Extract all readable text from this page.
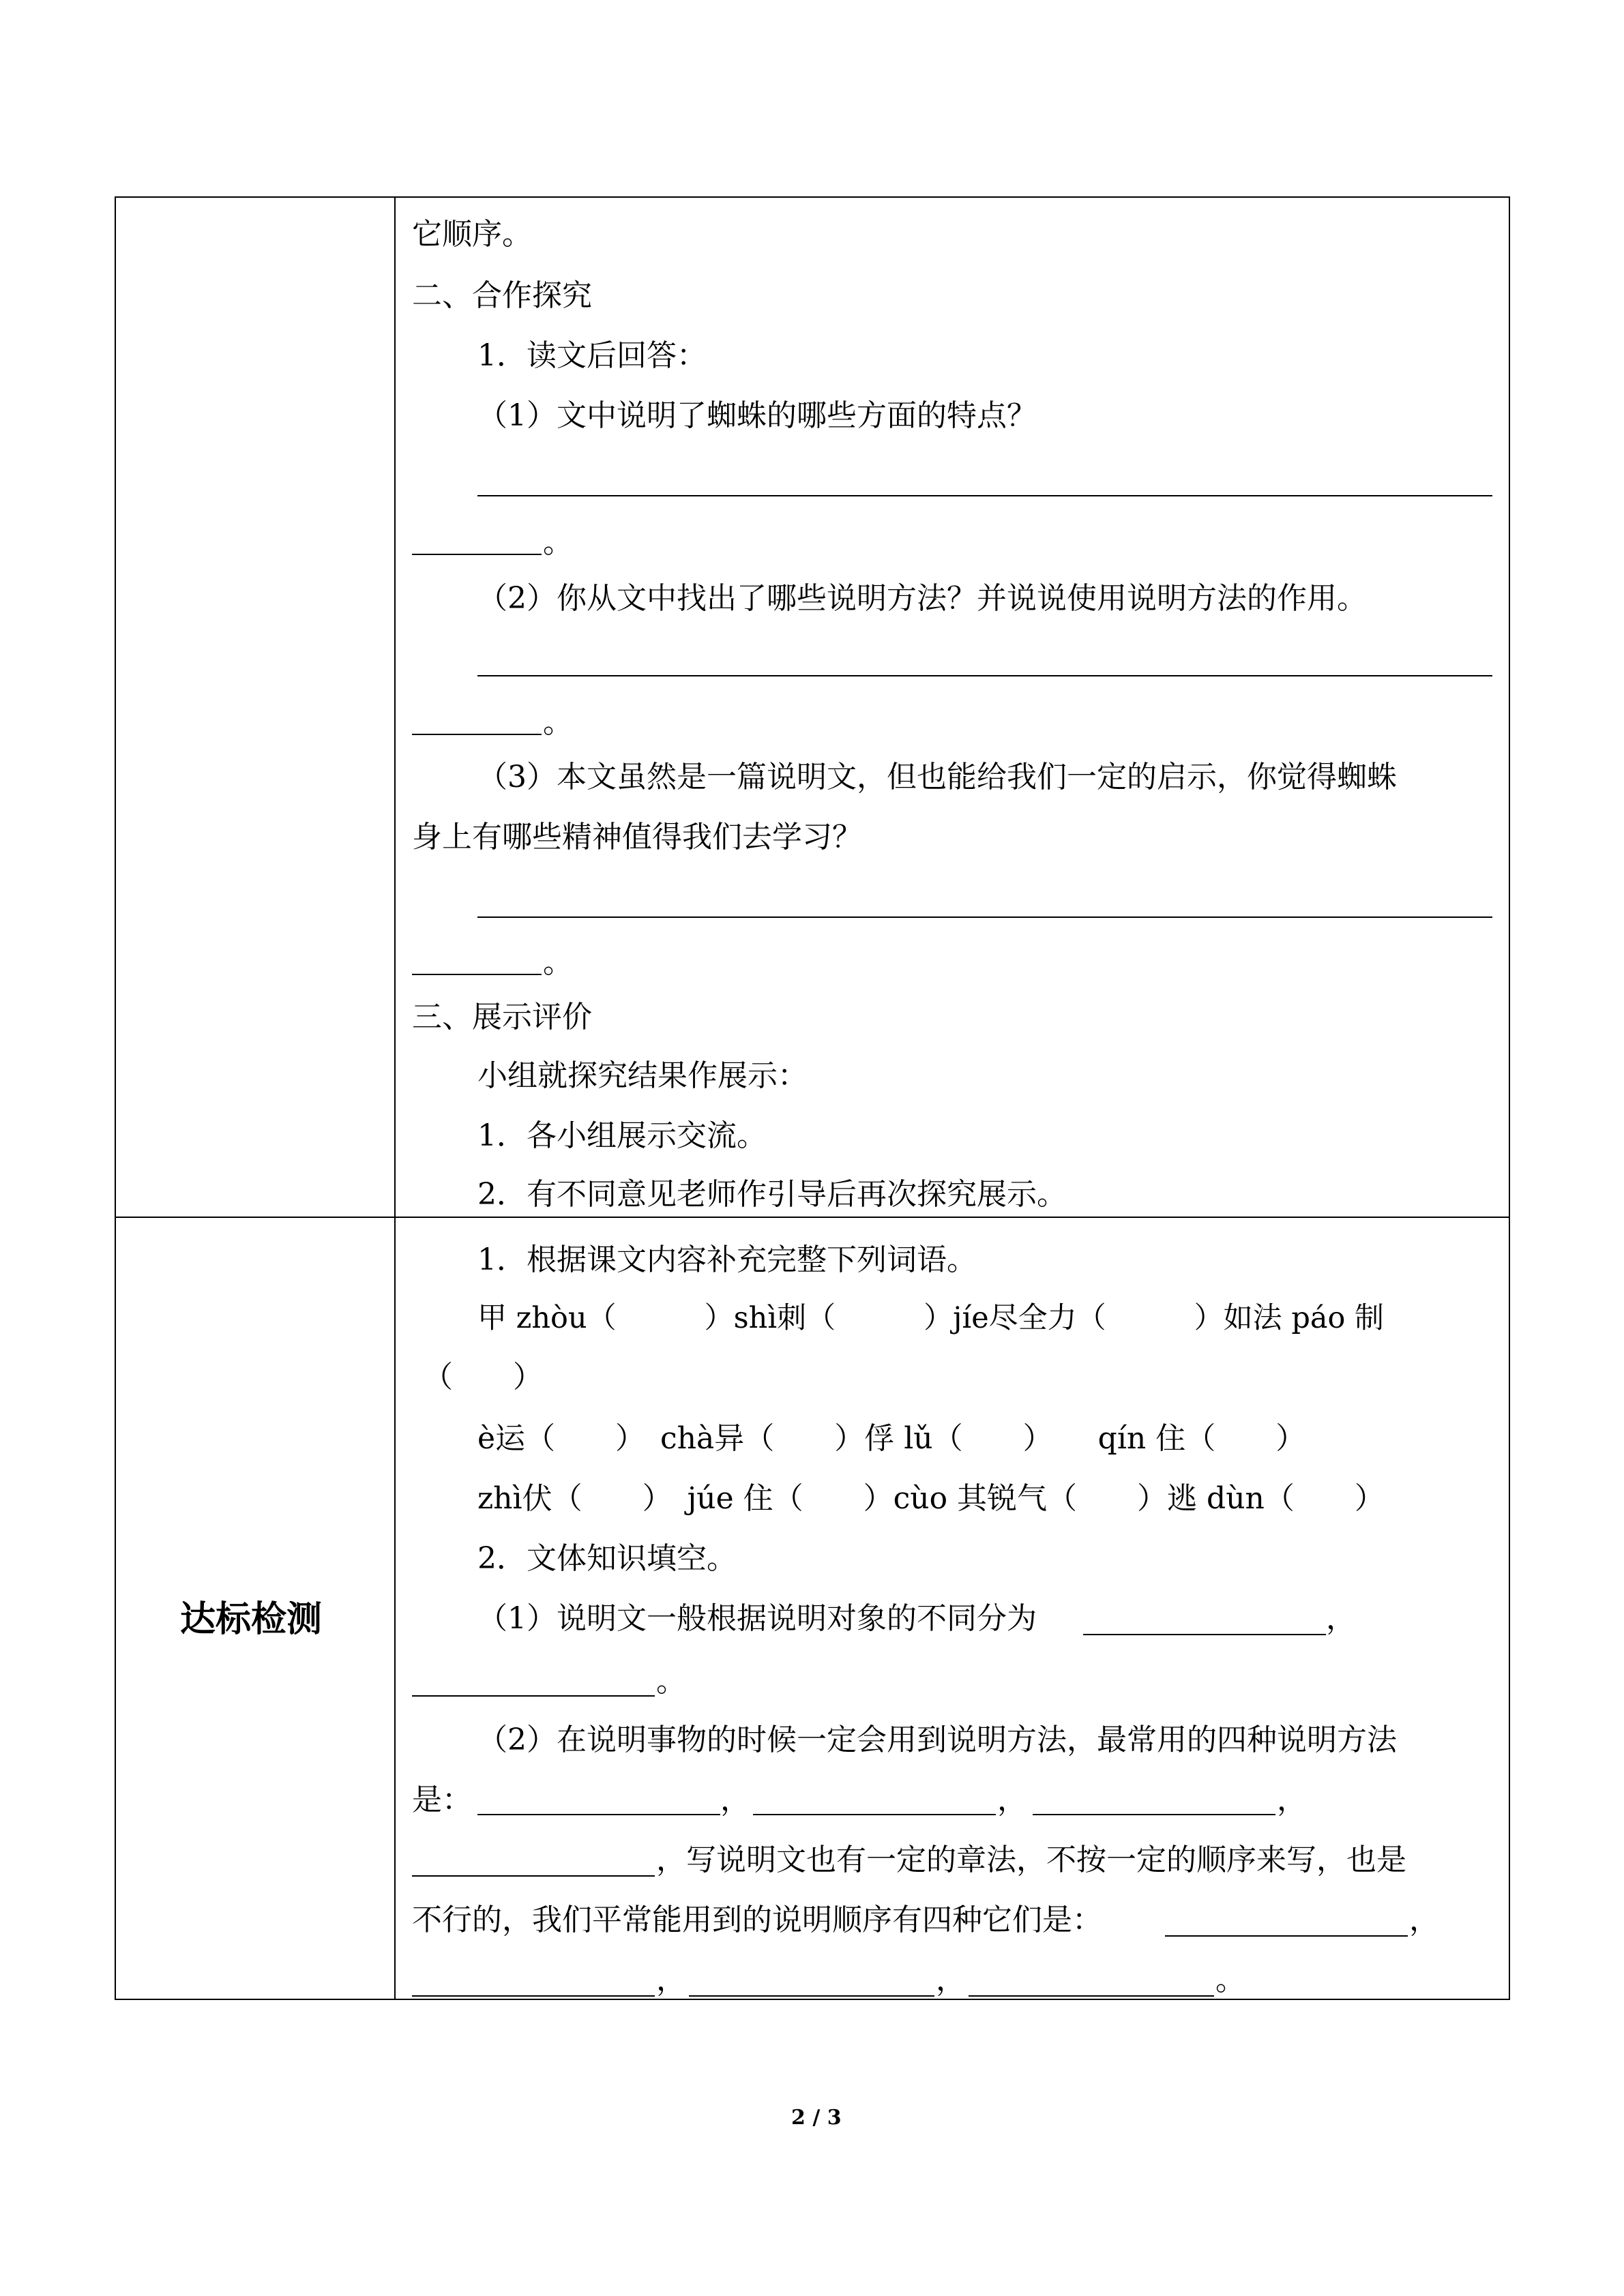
它顺序。
二、合作探究
1．读文后回答：
（1）文中说明了蜘蛛的哪些方面的特点？
。
（2）你从文中找出了哪些说明方法？并说说使用说明方法的作用。
。
（3）本文虽然是一篇说明文，但也能给我们一定的启示，你觉得蜘蛛
身上有哪些精神值得我们去学习？
。
三、展示评价
小组就探究结果作展示：
1．各小组展示交流。
2．有不同意见老师作引导后再次探究展示。
达标检测
1．根据课文内容补充完整下列词语。
甲 zhòu（　　　）shì刺（　　　）jíe尽全力（　　　）如法 páo 制
（　　）
è运（　　）　chà异（　　）俘 lǔ（　　）　　qín 住（　　）
zhì伏（　　）　júe 住（　　）cùo 其锐气（　　）逃 dùn（　　）
2．文体知识填空。
（1）说明文一般根据说明对象的不同分为	，
。
（2）在说明事物的时候一定会用到说明方法，最常用的四种说明方法
是：	，	，	，
，写说明文也有一定的章法，不按一定的顺序来写，也是
不行的，我们平常能用到的说明顺序有四种它们是：	，
，	，	。
2 / 3
